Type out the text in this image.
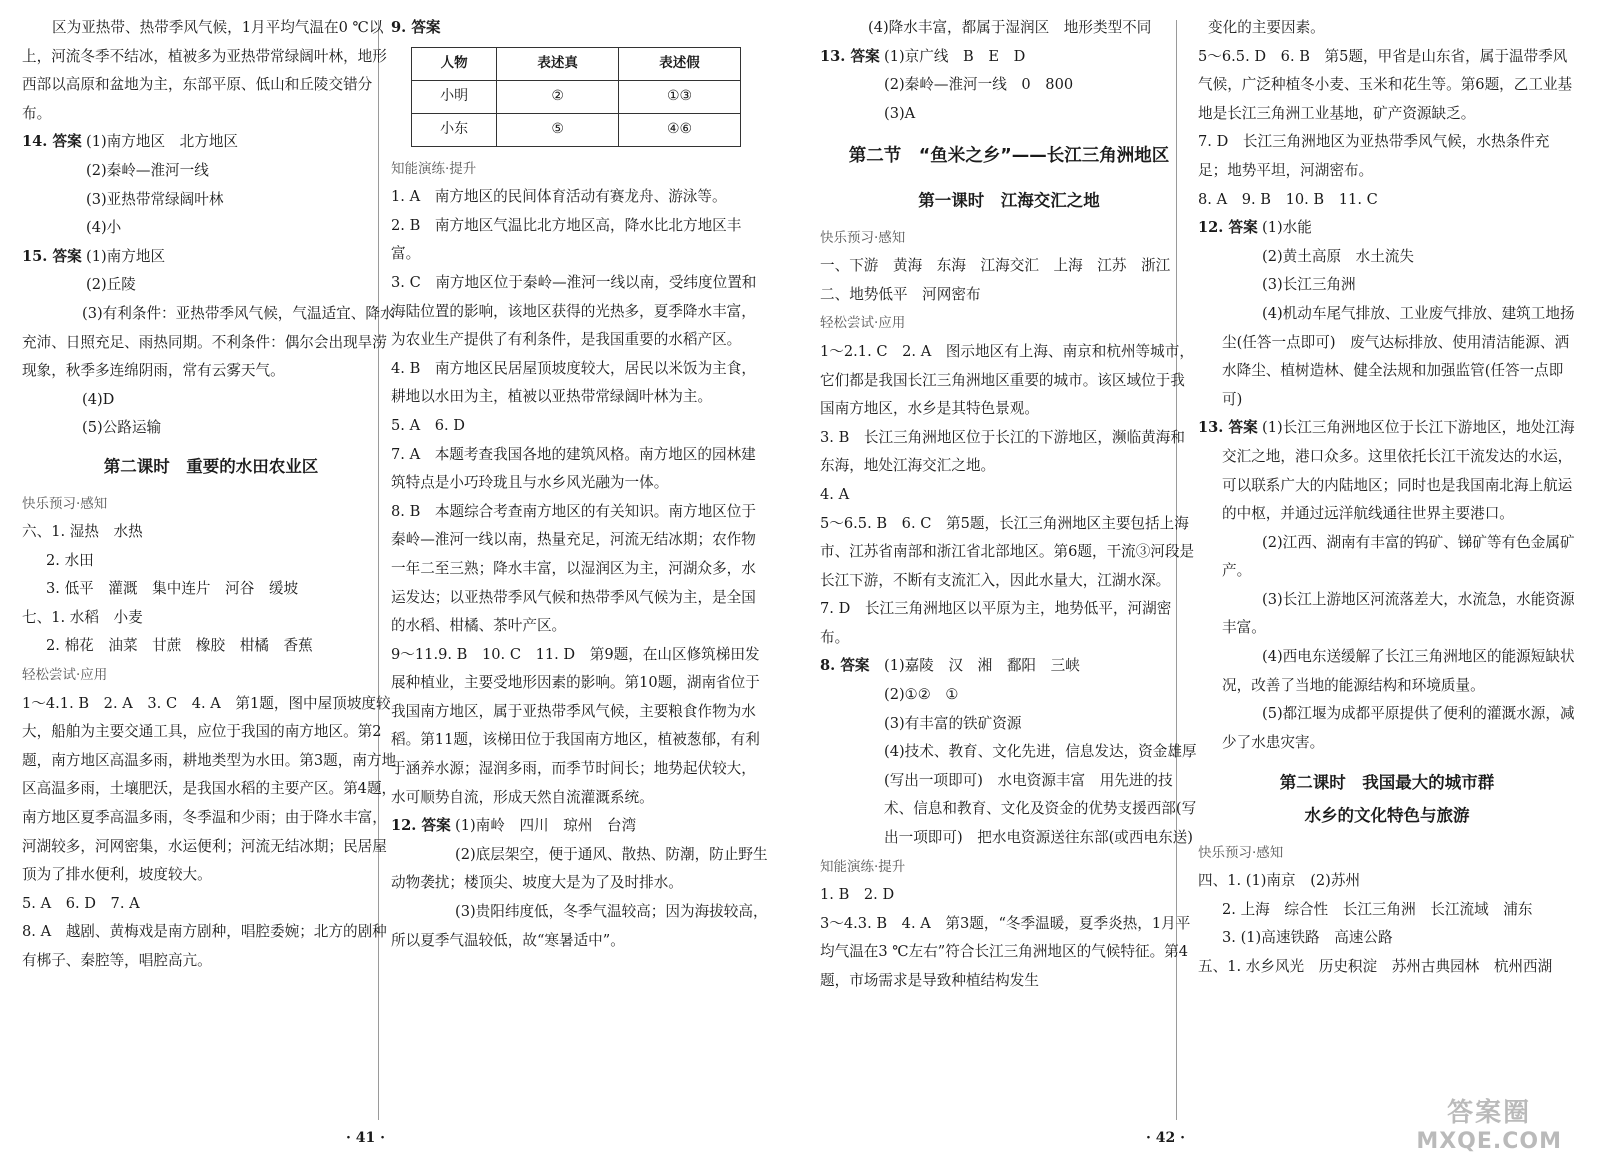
区为亚热带、热带季风气候，1月平均气温在0 ℃以上，河流冬季不结冰，植被多为亚热带常绿阔叶林，地形西部以高原和盆地为主，东部平原、低山和丘陵交错分布。

14. 答案 (1)南方地区　北方地区

(2)秦岭—淮河一线

(3)亚热带常绿阔叶林

(4)小

15. 答案 (1)南方地区

(2)丘陵

(3)有利条件：亚热带季风气候，气温适宜、降水充沛、日照充足、雨热同期。不利条件：偶尔会出现旱涝现象，秋季多连绵阴雨，常有云雾天气。

(4)D

(5)公路运输

第二课时　重要的水田农业区

快乐预习·感知

六、1. 湿热　水热

2. 水田

3. 低平　灌溉　集中连片　河谷　缓坡

七、1. 水稻　小麦

2. 棉花　油菜　甘蔗　橡胶　柑橘　香蕉

轻松尝试·应用

1～4.1. B　2. A　3. C　4. A　第1题，图中屋顶坡度较大，船舶为主要交通工具，应位于我国的南方地区。第2题，南方地区高温多雨，耕地类型为水田。第3题，南方地区高温多雨，土壤肥沃，是我国水稻的主要产区。第4题，南方地区夏季高温多雨，冬季温和少雨；由于降水丰富，河湖较多，河网密集，水运便利；河流无结冰期；民居屋顶为了排水便利，坡度较大。

5. A　6. D　7. A

8. A　越剧、黄梅戏是南方剧种，唱腔委婉；北方的剧种有梆子、秦腔等，唱腔高亢。

9. 答案

人物	表述真	表述假
小明	②	①③
小东	⑤	④⑥

知能演练·提升

1. A　南方地区的民间体育活动有赛龙舟、游泳等。

2. B　南方地区气温比北方地区高，降水比北方地区丰富。

3. C　南方地区位于秦岭—淮河一线以南，受纬度位置和海陆位置的影响，该地区获得的光热多，夏季降水丰富，为农业生产提供了有利条件，是我国重要的水稻产区。

4. B　南方地区民居屋顶坡度较大，居民以米饭为主食，耕地以水田为主，植被以亚热带常绿阔叶林为主。

5. A　6. D

7. A　本题考查我国各地的建筑风格。南方地区的园林建筑特点是小巧玲珑且与水乡风光融为一体。

8. B　本题综合考查南方地区的有关知识。南方地区位于秦岭—淮河一线以南，热量充足，河流无结冰期；农作物一年二至三熟；降水丰富，以湿润区为主，河湖众多，水运发达；以亚热带季风气候和热带季风气候为主，是全国的水稻、柑橘、茶叶产区。

9～11.9. B　10. C　11. D　第9题，在山区修筑梯田发展种植业，主要受地形因素的影响。第10题，湖南省位于我国南方地区，属于亚热带季风气候，主要粮食作物为水稻。第11题，该梯田位于我国南方地区，植被葱郁，有利于涵养水源；湿润多雨，而季节时间长；地势起伏较大，水可顺势自流，形成天然自流灌溉系统。

12. 答案 (1)南岭　四川　琼州　台湾

(2)底层架空，便于通风、散热、防潮，防止野生动物袭扰；楼顶尖、坡度大是为了及时排水。

(3)贵阳纬度低，冬季气温较高；因为海拔较高，所以夏季气温较低，故“寒暑适中”。

(4)降水丰富，都属于湿润区　地形类型不同

13. 答案 (1)京广线　B　E　D

(2)秦岭—淮河一线　0　800

(3)A

第二节　“鱼米之乡”——长江三角洲地区
第一课时　江海交汇之地

快乐预习·感知

一、下游　黄海　东海　江海交汇　上海　江苏　浙江

二、地势低平　河网密布

轻松尝试·应用

1～2.1. C　2. A　图示地区有上海、南京和杭州等城市，它们都是我国长江三角洲地区重要的城市。该区域位于我国南方地区，水乡是其特色景观。

3. B　长江三角洲地区位于长江的下游地区，濒临黄海和东海，地处江海交汇之地。

4. A

5～6.5. B　6. C　第5题，长江三角洲地区主要包括上海市、江苏省南部和浙江省北部地区。第6题，干流③河段是长江下游，不断有支流汇入，因此水量大，江湖水深。

7. D　长江三角洲地区以平原为主，地势低平，河湖密布。

8. 答案 (1)嘉陵　汉　湘　鄱阳　三峡

(2)①②　①

(3)有丰富的铁矿资源

(4)技术、教育、文化先进，信息发达，资金雄厚(写出一项即可)　水电资源丰富　用先进的技术、信息和教育、文化及资金的优势支援西部(写出一项即可)　把水电资源送往东部(或西电东送)

知能演练·提升

1. B　2. D

3～4.3. B　4. A　第3题，“冬季温暖，夏季炎热，1月平均气温在3 ℃左右”符合长江三角洲地区的气候特征。第4题，市场需求是导致种植结构发生

变化的主要因素。

5～6.5. D　6. B　第5题，甲省是山东省，属于温带季风气候，广泛种植冬小麦、玉米和花生等。第6题，乙工业基地是长江三角洲工业基地，矿产资源缺乏。

7. D　长江三角洲地区为亚热带季风气候，水热条件充足；地势平坦，河湖密布。

8. A　9. B　10. B　11. C

12. 答案 (1)水能

(2)黄土高原　水土流失

(3)长江三角洲

(4)机动车尾气排放、工业废气排放、建筑工地扬尘(任答一点即可)　废气达标排放、使用清洁能源、洒水降尘、植树造林、健全法规和加强监管(任答一点即可)

13. 答案 (1)长江三角洲地区位于长江下游地区，地处江海交汇之地，港口众多。这里依托长江干流发达的水运，可以联系广大的内陆地区；同时也是我国南北海上航运的中枢，并通过远洋航线通往世界主要港口。

(2)江西、湖南有丰富的钨矿、锑矿等有色金属矿产。

(3)长江上游地区河流落差大，水流急，水能资源丰富。

(4)西电东送缓解了长江三角洲地区的能源短缺状况，改善了当地的能源结构和环境质量。

(5)都江堰为成都平原提供了便利的灌溉水源，减少了水患灾害。

第二课时　我国最大的城市群
水乡的文化特色与旅游

快乐预习·感知

四、1. (1)南京　(2)苏州

2. 上海　综合性　长江三角洲　长江流域　浦东

3. (1)高速铁路　高速公路

五、1. 水乡风光　历史积淀　苏州古典园林　杭州西湖

· 41 ·	· 42 ·
答案圈
MXQE.COM
